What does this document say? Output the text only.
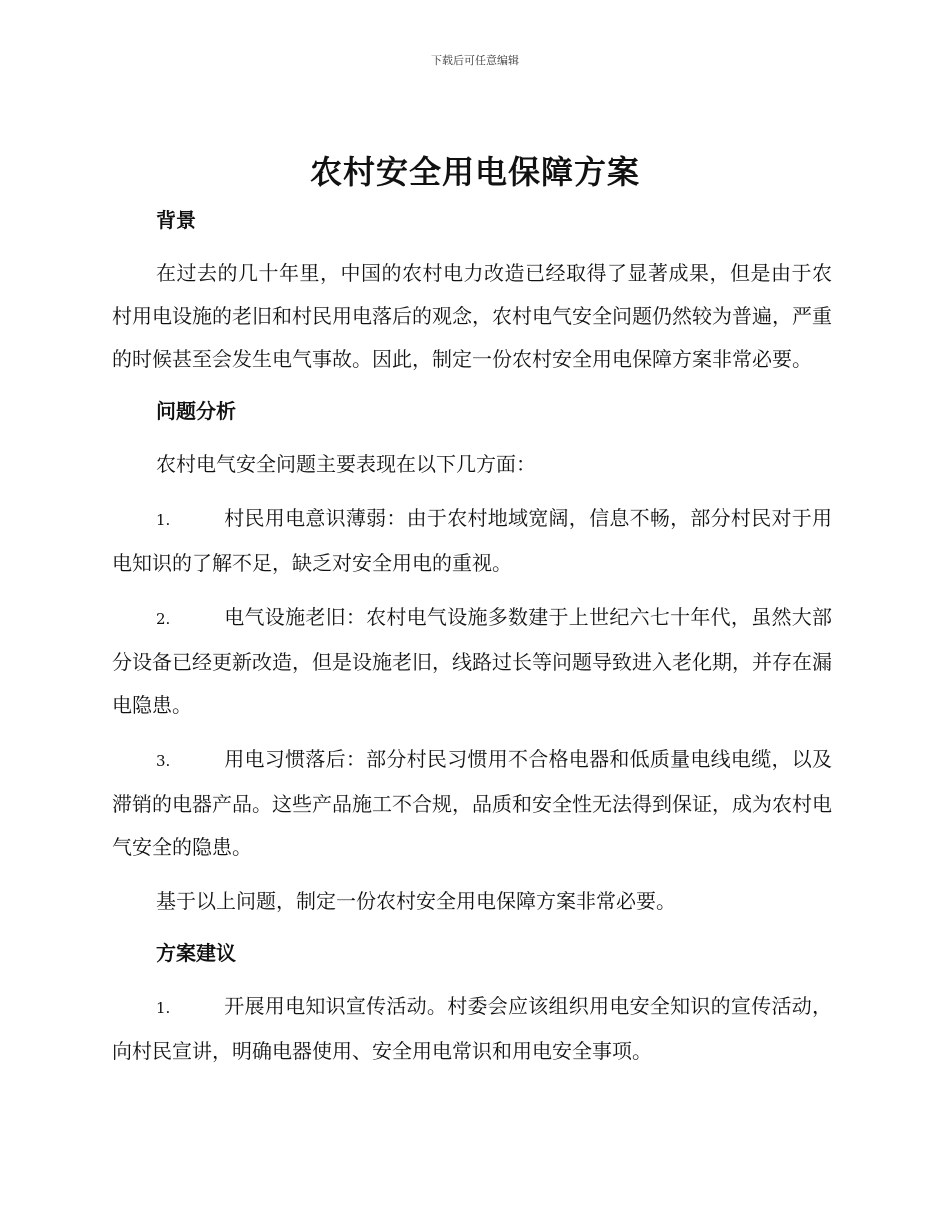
下载后可任意编辑
农村安全用电保障方案

背景

在过去的几十年里，中国的农村电力改造已经取得了显著成果，但是由于农村用电设施的老旧和村民用电落后的观念，农村电气安全问题仍然较为普遍，严重的时候甚至会发生电气事故。因此，制定一份农村安全用电保障方案非常必要。

问题分析

农村电气安全问题主要表现在以下几方面：

1.	村民用电意识薄弱：由于农村地域宽阔，信息不畅，部分村民对于用电知识的了解不足，缺乏对安全用电的重视。

2.	电气设施老旧：农村电气设施多数建于上世纪六七十年代，虽然大部分设备已经更新改造，但是设施老旧，线路过长等问题导致进入老化期，并存在漏电隐患。

3.	用电习惯落后：部分村民习惯用不合格电器和低质量电线电缆，以及滞销的电器产品。这些产品施工不合规，品质和安全性无法得到保证，成为农村电气安全的隐患。

基于以上问题，制定一份农村安全用电保障方案非常必要。

方案建议

1.	开展用电知识宣传活动。村委会应该组织用电安全知识的宣传活动，向村民宣讲，明确电器使用、安全用电常识和用电安全事项。
